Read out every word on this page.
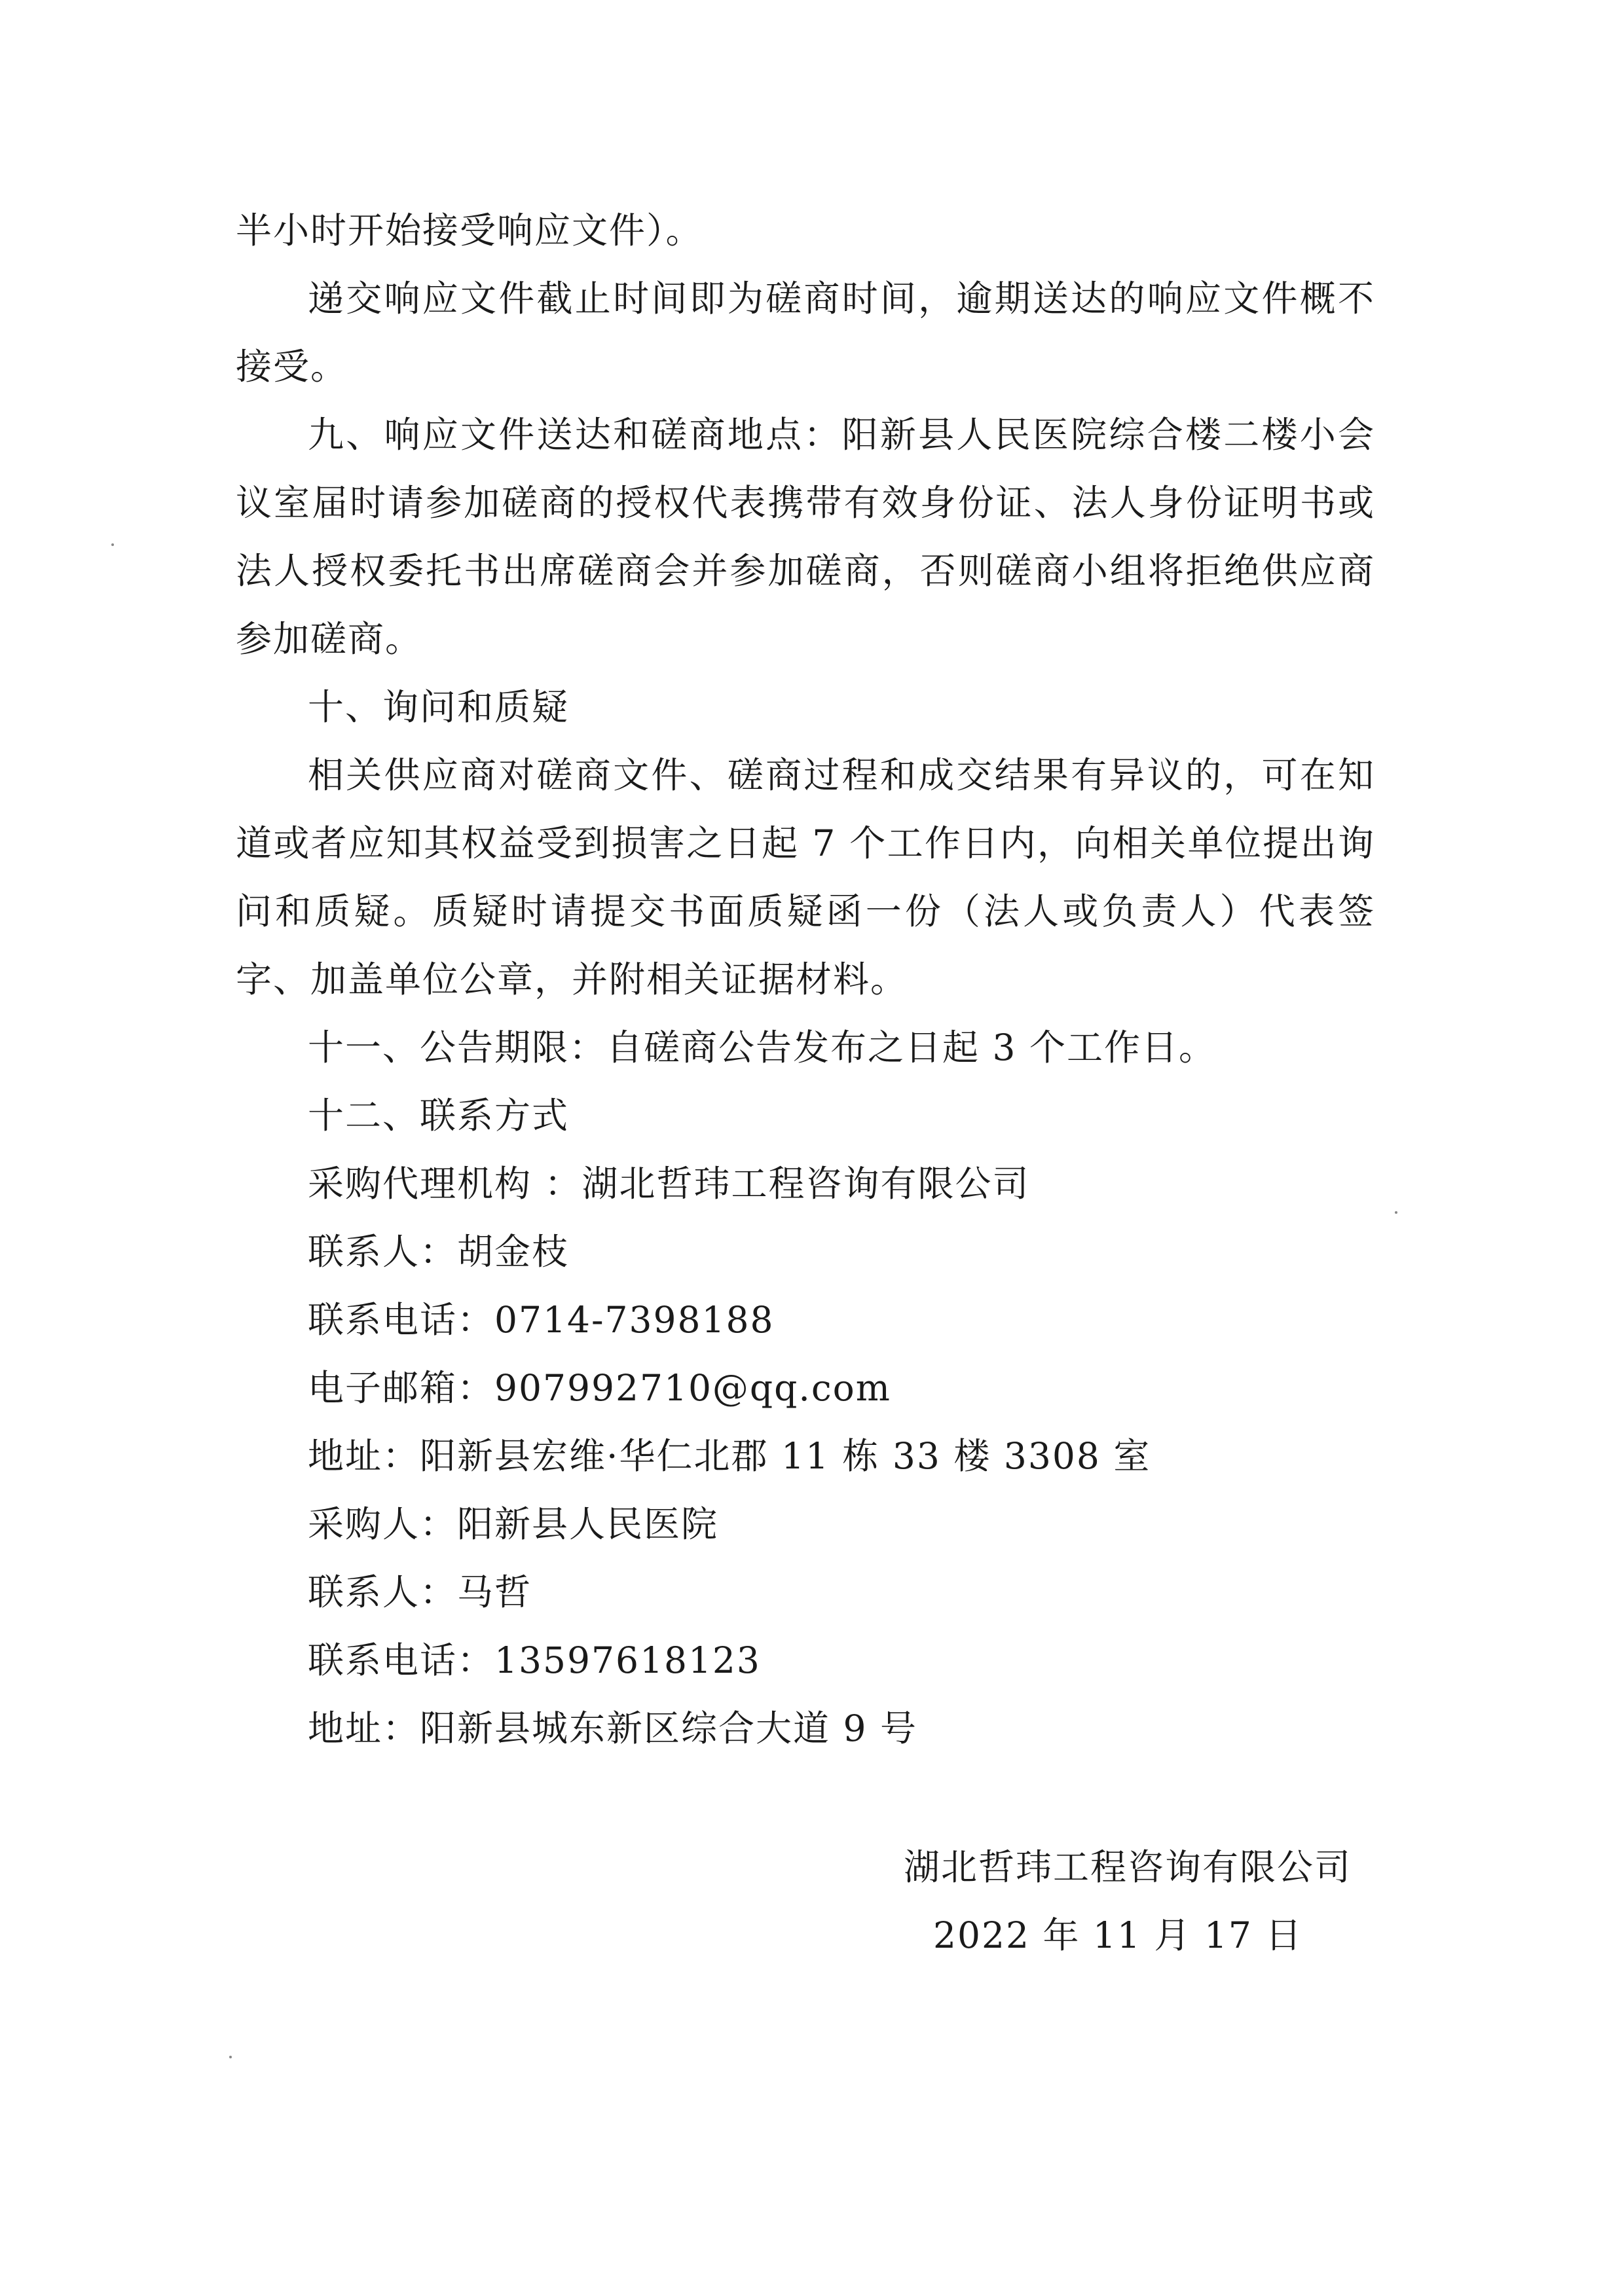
半小时开始接受响应文件）。

递交响应文件截止时间即为磋商时间，逾期送达的响应文件概不接受。

九、响应文件送达和磋商地点：阳新县人民医院综合楼二楼小会议室届时请参加磋商的授权代表携带有效身份证、法人身份证明书或法人授权委托书出席磋商会并参加磋商，否则磋商小组将拒绝供应商参加磋商。

十、询问和质疑

相关供应商对磋商文件、磋商过程和成交结果有异议的，可在知道或者应知其权益受到损害之日起 7 个工作日内，向相关单位提出询问和质疑。质疑时请提交书面质疑函一份（法人或负责人）代表签字、加盖单位公章，并附相关证据材料。

十一、公告期限：自磋商公告发布之日起 3 个工作日。

十二、联系方式

采购代理机构 ：湖北哲玮工程咨询有限公司

联系人：胡金枝

联系电话：0714-7398188

电子邮箱：907992710@qq.com

地址：阳新县宏维·华仁北郡 11 栋 33 楼 3308 室

采购人：阳新县人民医院

联系人：马哲

联系电话：13597618123

地址：阳新县城东新区综合大道 9 号

湖北哲玮工程咨询有限公司
2022 年 11 月 17 日
